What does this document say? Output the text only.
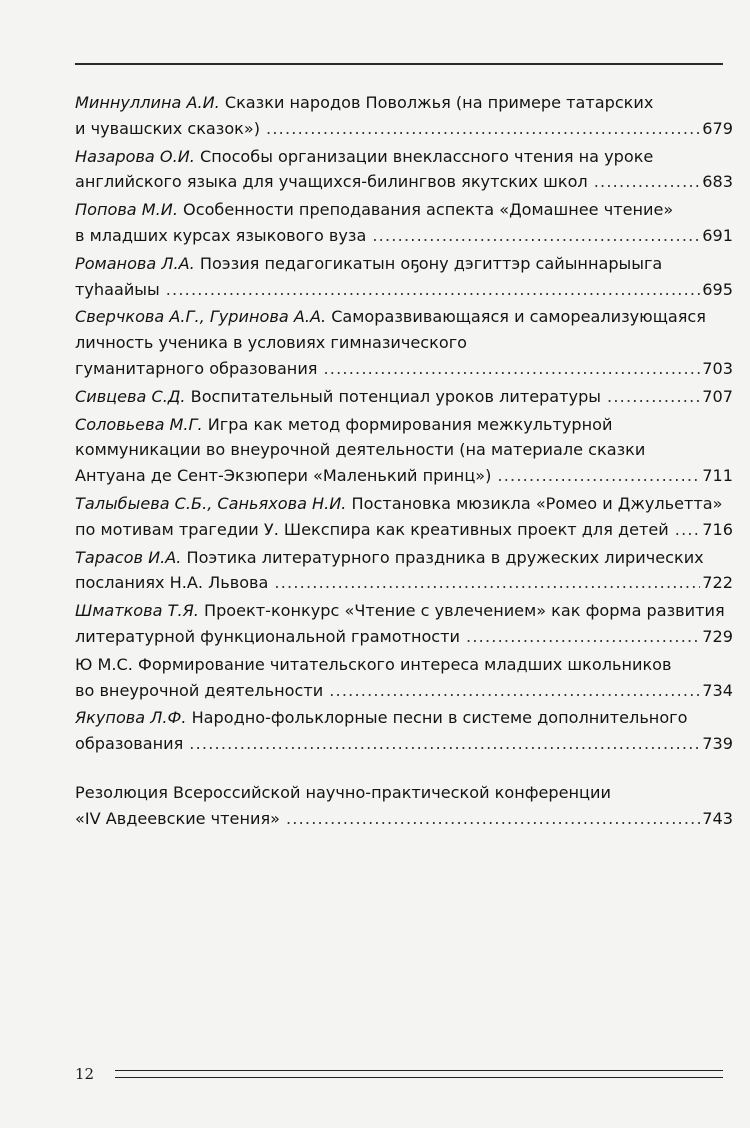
Миннуллина А.И. Сказки народов Поволжья (на примере татарских
и чувашских сказок») .....	679
Назарова О.И. Способы организации внеклассного чтения на уроке
английского языка для учащихся-билингвов якутских школ .....	683
Попова М.И. Особенности преподавания аспекта «Домашнее чтение»
в младших курсах языкового вуза .....	691
Романова Л.А. Поэзия педагогикатын оҕону дэгиттэр сайыннарыыга
туһаайыы .....	695
Сверчкова А.Г., Гуринова А.А. Саморазвивающаяся и самореализующаяся
личность ученика в условиях гимназического
гуманитарного образования .....	703
Сивцева С.Д. Воспитательный потенциал уроков литературы .....	707
Соловьева М.Г. Игра как метод формирования межкультурной
коммуникации во внеурочной деятельности (на материале сказки
Антуана де Сент-Экзюпери «Маленький принц») .....	711
Талыбыева С.Б., Саньяхова Н.И. Постановка мюзикла «Ромео и Джульетта»
по мотивам трагедии У. Шекспира как креативных проект для детей ..... 716
Тарасов И.А. Поэтика литературного праздника в дружеских лирических
посланиях Н.А. Львова .....	722
Шматкова Т.Я. Проект-конкурс «Чтение с увлечением» как форма развития
литературной функциональной грамотности .....	729
Ю М.С. Формирование читательского интереса младших школьников
во внеурочной деятельности .....	734
Якупова Л.Ф. Народно-фольклорные песни в системе дополнительного
образования .....	739
Резолюция Всероссийской научно-практической конференции
«IV Авдеевские чтения» .....	743
12
